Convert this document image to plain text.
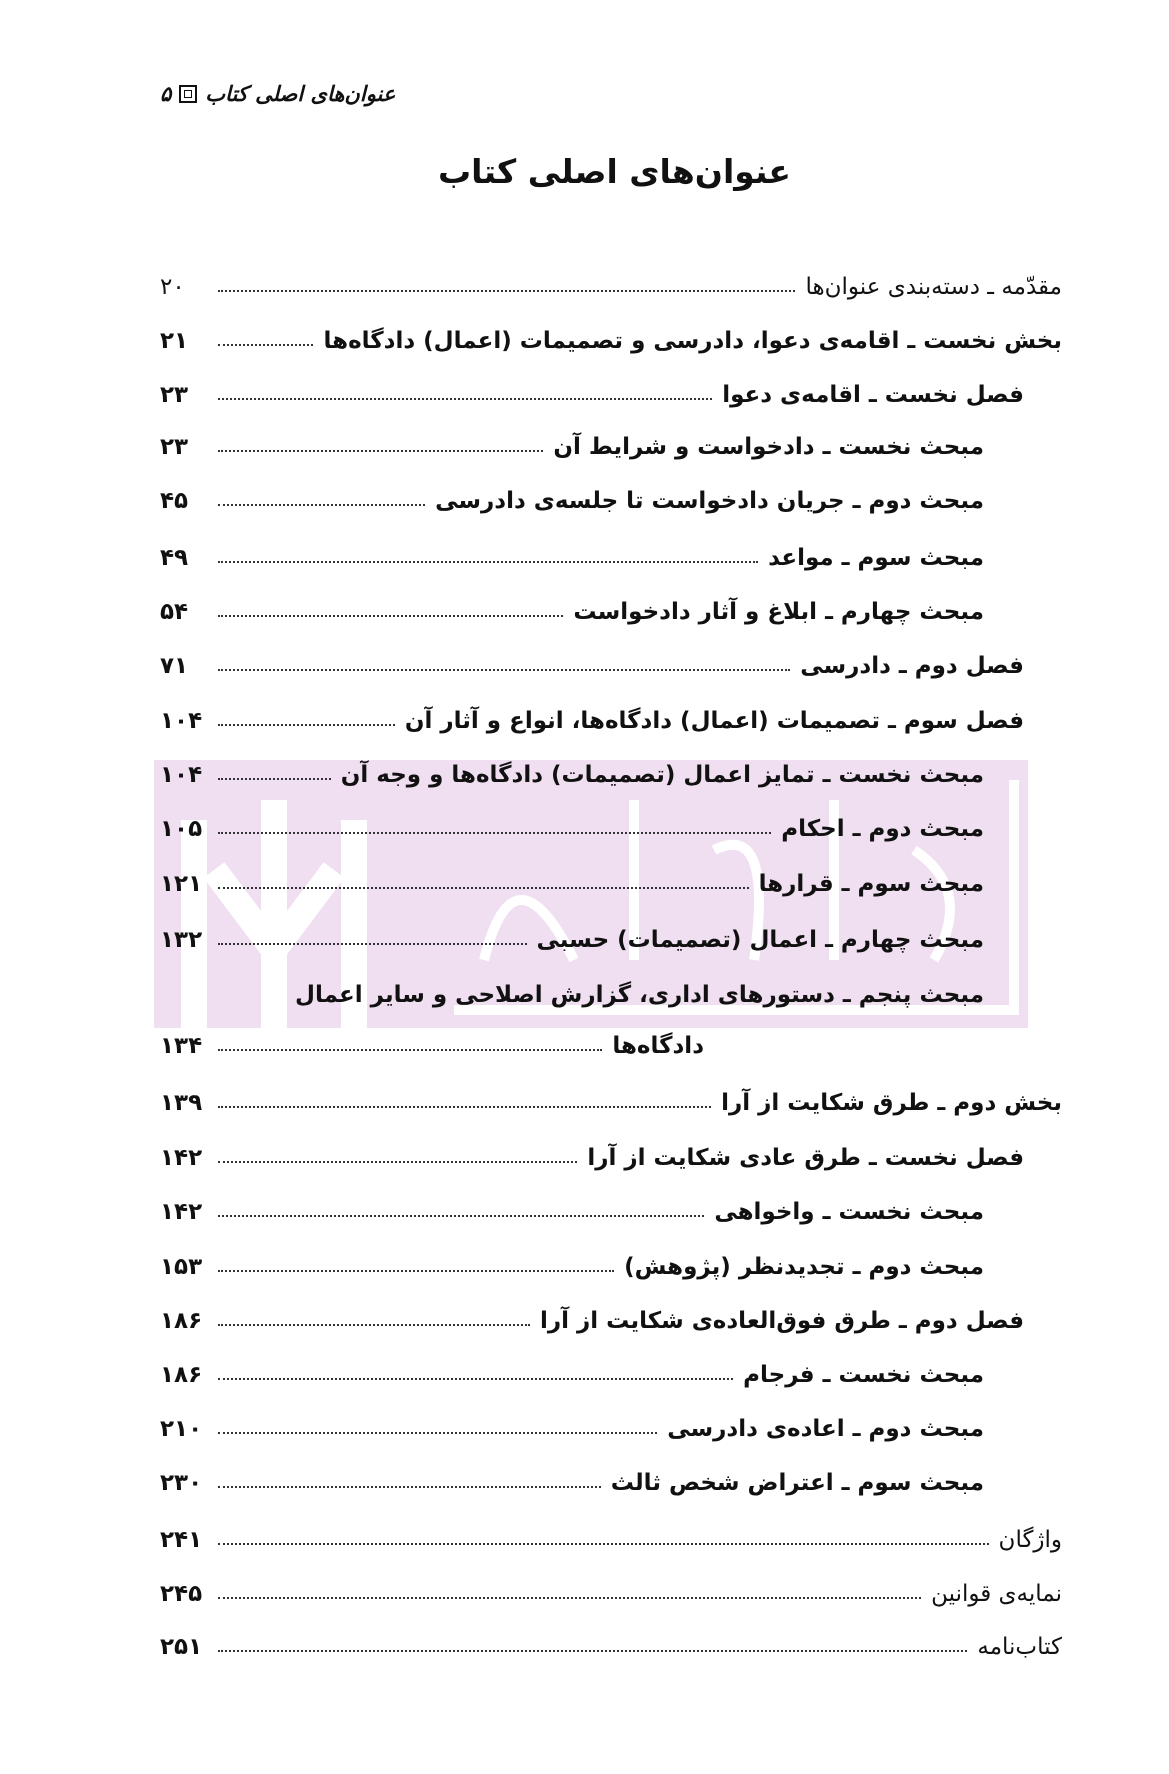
عنوان‌های اصلی کتاب
۵
عنوان‌های اصلی کتاب
مقدّمه ـ دسته‌بندی عنوان‌ها
۲۰
بخش نخست ـ اقامه‌ی دعوا، دادرسی و تصمیمات (اعمال) دادگاه‌ها
۲۱
فصل نخست ـ اقامه‌ی دعوا
۲۳
مبحث نخست ـ دادخواست و شرایط آن
۲۳
مبحث دوم ـ جریان دادخواست تا جلسه‌ی دادرسی
۴۵
مبحث سوم ـ مواعد
۴۹
مبحث چهارم ـ ابلاغ و آثار دادخواست
۵۴
فصل دوم ـ دادرسی
۷۱
فصل سوم ـ تصمیمات (اعمال) دادگاه‌ها، انواع و آثار آن
۱۰۴
مبحث نخست ـ تمایز اعمال (تصمیمات) دادگاه‌ها و وجه آن
۱۰۴
مبحث دوم ـ احکام
۱۰۵
مبحث سوم ـ قرارها
۱۲۱
مبحث چهارم ـ اعمال (تصمیمات) حسبی
۱۳۲
مبحث پنجم ـ دستورهای اداری، گزارش اصلاحی و سایر اعمال
دادگاه‌ها
۱۳۴
بخش دوم ـ طرق شکایت از آرا
۱۳۹
فصل نخست ـ طرق عادی شکایت از آرا
۱۴۲
مبحث نخست ـ واخواهی
۱۴۲
مبحث دوم ـ تجدیدنظر (پژوهش)
۱۵۳
فصل دوم ـ طرق فوق‌العاده‌ی شکایت از آرا
۱۸۶
مبحث نخست ـ فرجام
۱۸۶
مبحث دوم ـ اعاده‌ی دادرسی
۲۱۰
مبحث سوم ـ اعتراض شخص ثالث
۲۳۰
واژگان
۲۴۱
نمایه‌ی قوانین
۲۴۵
کتاب‌نامه
۲۵۱
